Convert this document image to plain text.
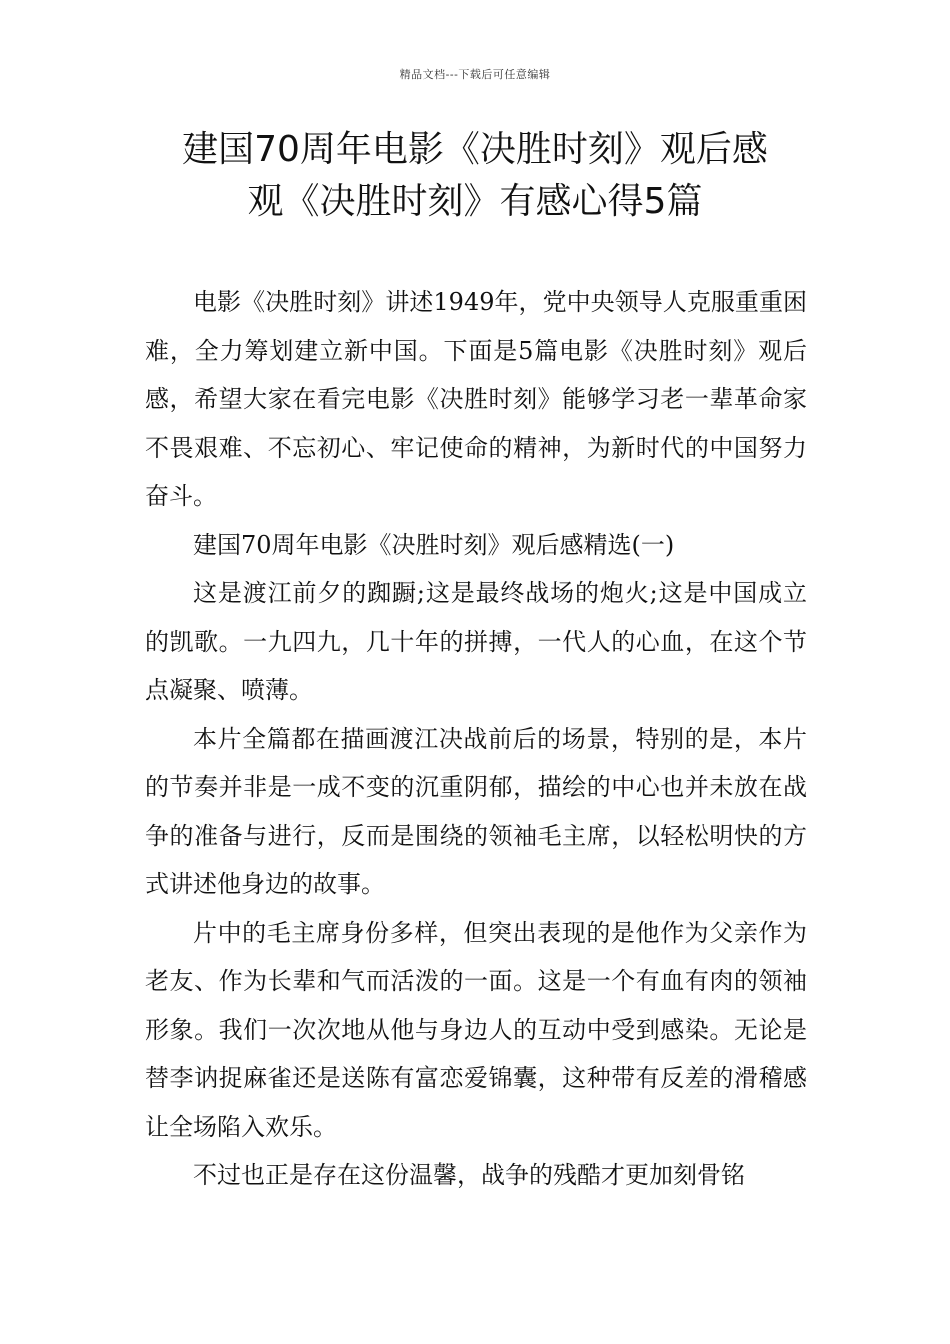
精品文档---下载后可任意编辑
建国70周年电影《决胜时刻》观后感
观《决胜时刻》有感心得5篇

电影《决胜时刻》讲述1949年，党中央领导人克服重重困难，全力筹划建立新中国。下面是5篇电影《决胜时刻》观后感，希望大家在看完电影《决胜时刻》能够学习老一辈革命家不畏艰难、不忘初心、牢记使命的精神，为新时代的中国努力奋斗。

建国70周年电影《决胜时刻》观后感精选(一)

这是渡江前夕的踟蹰;这是最终战场的炮火;这是中国成立的凯歌。一九四九，几十年的拼搏，一代人的心血，在这个节点凝聚、喷薄。

本片全篇都在描画渡江决战前后的场景，特别的是，本片的节奏并非是一成不变的沉重阴郁，描绘的中心也并未放在战争的准备与进行，反而是围绕的领袖毛主席，以轻松明快的方式讲述他身边的故事。

片中的毛主席身份多样，但突出表现的是他作为父亲作为老友、作为长辈和气而活泼的一面。这是一个有血有肉的领袖形象。我们一次次地从他与身边人的互动中受到感染。无论是替李讷捉麻雀还是送陈有富恋爱锦囊，这种带有反差的滑稽感让全场陷入欢乐。

不过也正是存在这份温馨，战争的残酷才更加刻骨铭
